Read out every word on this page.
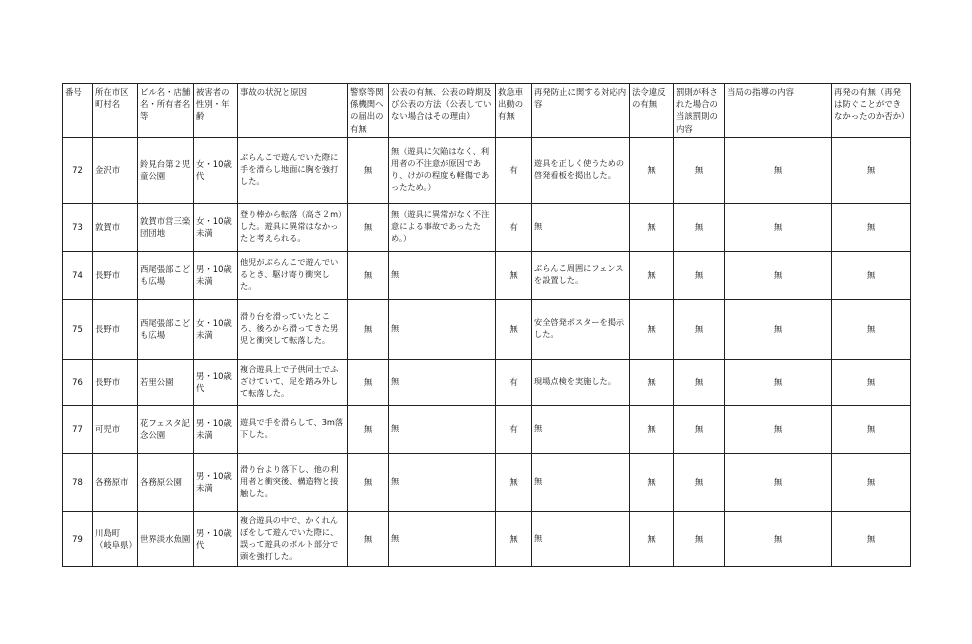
番号	所在市区町村名	ビル名・店舗名・所有者名等	被害者の性別・年齢	事故の状況と原因	警察等関係機関への届出の有無	公表の有無、公表の時期及び公表の方法（公表していない場合はその理由）	救急車出動の有無	再発防止に関する対応内容	法令違反の有無	罰則が科された場合の当該罰則の内容	当局の指導の内容	再発の有無（再発は防ぐことができなかったのか否か）
72	金沢市	鈴見台第２児童公園	女・10歳代	ぶらんこで遊んでいた際に手を滑らし地面に胸を強打した。	無	無（遊具に欠陥はなく、利用者の不注意が原因であり、けがの程度も軽傷であったため。）	有	遊具を正しく使うための啓発看板を掲出した。	無	無	無	無
73	敦賀市	敦賀市営三楽団団地	女・10歳未満	登り棒から転落（高さ２m）した。遊具に異常はなかったと考えられる。	無	無（遊具に異常がなく不注意による事故であったため。）	有	無	無	無	無	無
74	長野市	西尾張部こども広場	男・10歳未満	他児がぶらんこで遊んでいるとき、駆け寄り衝突した。	無	無	無	ぶらんこ周囲にフェンスを設置した。	無	無	無	無
75	長野市	西尾張部こども広場	女・10歳未満	滑り台を滑っていたところ、後ろから滑ってきた男児と衝突して転落した。	無	無	無	安全啓発ポスターを掲示した。	無	無	無	無
76	長野市	若里公園	男・10歳代	複合遊具上で子供同士でふざけていて、足を踏み外して転落した。	無	無	有	現場点検を実施した。	無	無	無	無
77	可児市	花フェスタ記念公園	男・10歳未満	遊具で手を滑らして、3m落下した。	無	無	有	無	無	無	無	無
78	各務原市	各務原公園	男・10歳未満	滑り台より落下し、他の利用者と衝突後、構造物と接触した。	無	無	無	無	無	無	無	無
79	川島町（岐阜県）	世界淡水魚園	男・10歳代	複合遊具の中で、かくれんぼをして遊んでいた際に、誤って遊具のボルト部分で頭を強打した。	無	無	無	無	無	無	無	無
